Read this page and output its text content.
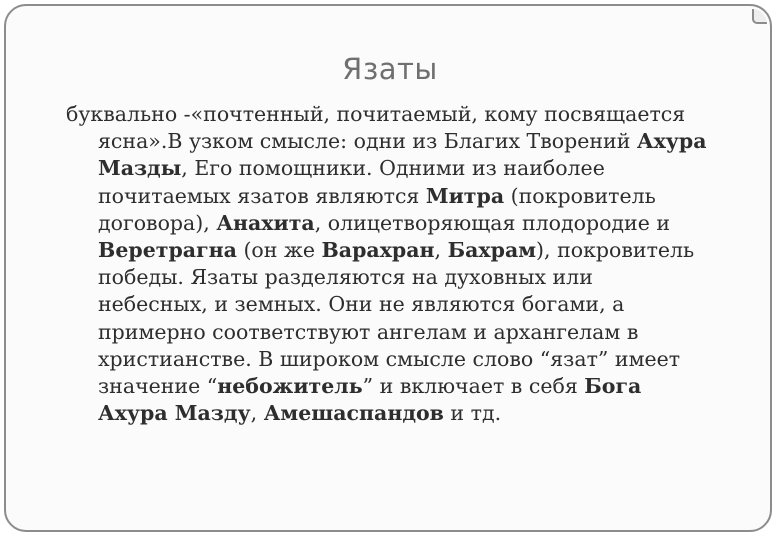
Язаты
буквально -«почтенный, почитаемый, кому посвящается
ясна».В узком смысле: одни из Благих Творений Ахура
Мазды, Его помощники. Одними из наиболее
почитаемых язатов являются Митра (покровитель
договора), Анахита, олицетворяющая плодородие и
Веретрагна (он же Варахран, Бахрам), покровитель
победы. Язаты разделяются на духовных или
небесных, и земных. Они не являются богами, а
примерно соответствуют ангелам и архангелам в
христианстве. В широком смысле слово “язат” имеет
значение “небожитель” и включает в себя Бога
Ахура Мазду, Амешаспандов и тд.
